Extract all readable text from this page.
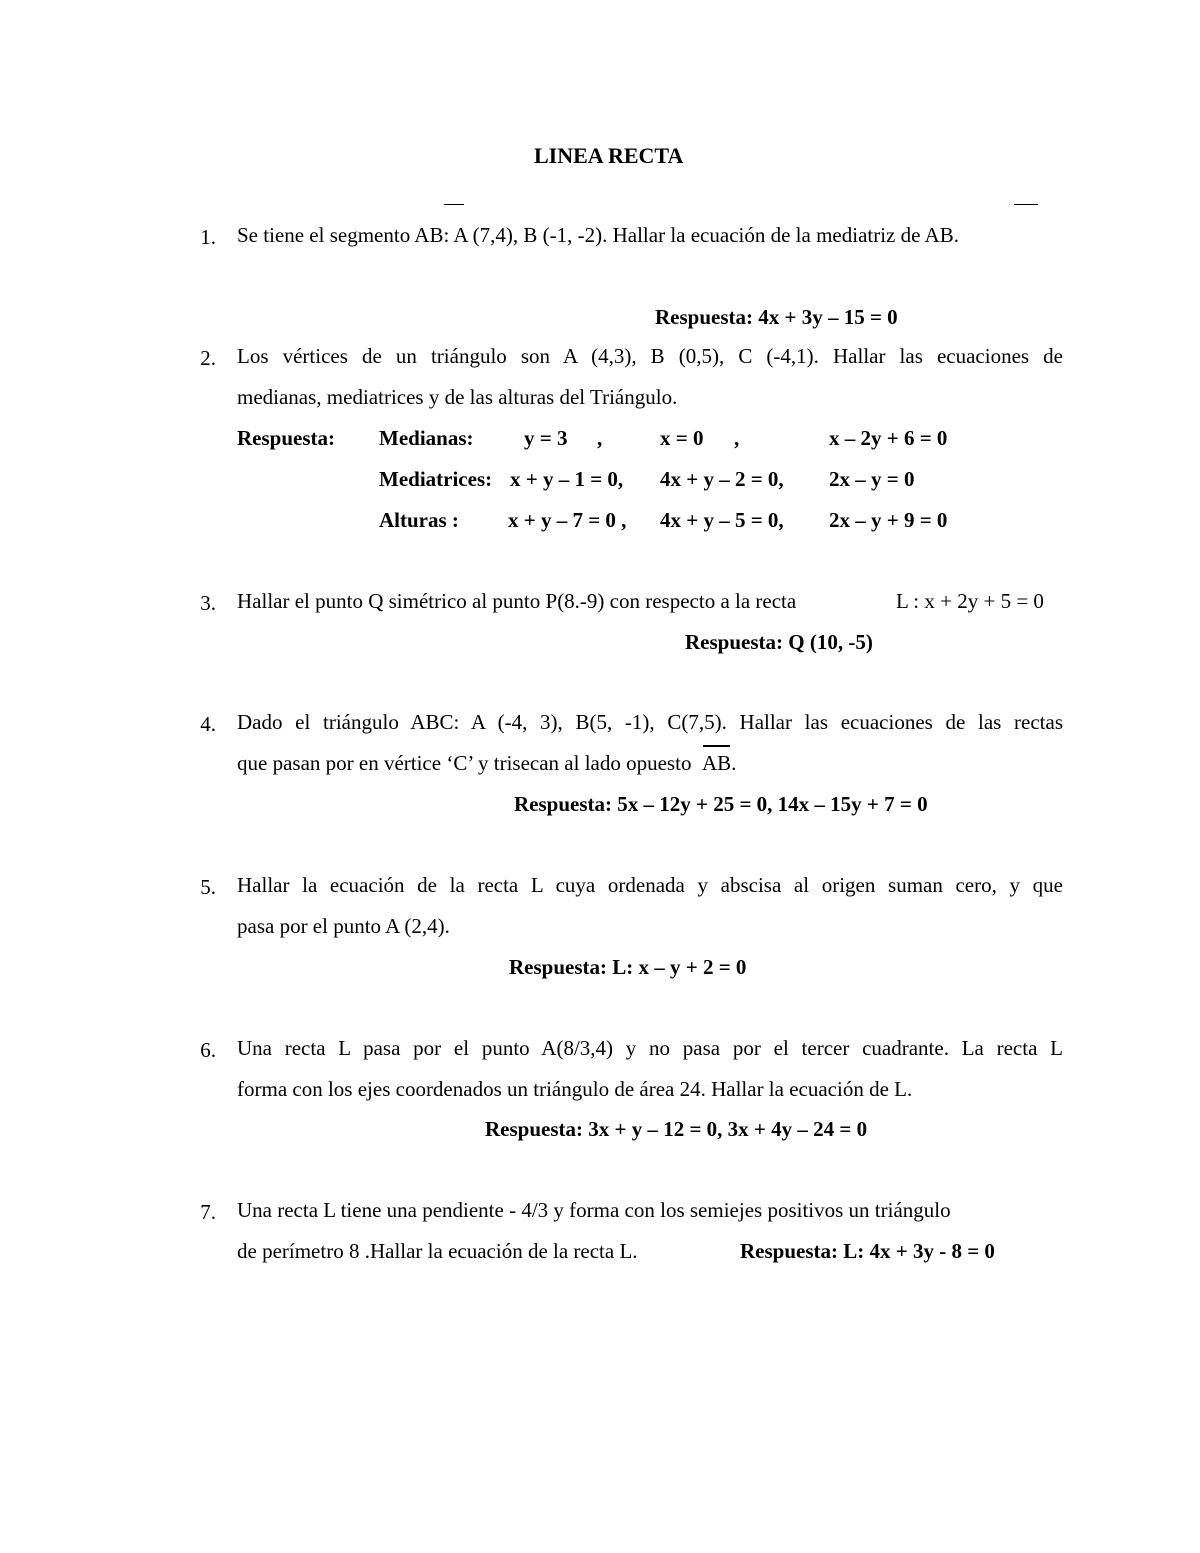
LINEA RECTA
1. Se tiene el segmento AB: A (7,4), B (-1, -2). Hallar la ecuación de la mediatriz de AB.
Respuesta: 4x + 3y – 15 = 0
2. Los vértices de un triángulo son A (4,3), B (0,5), C (-4,1). Hallar las ecuaciones de
medianas, mediatrices y de las alturas del Triángulo.
Respuesta: Medianas: y = 3 ,	x = 0 ,	x – 2y + 6 = 0
Mediatrices: x + y – 1 = 0, 4x + y – 2 = 0, 2x – y = 0
Alturas : x + y – 7 = 0 , 4x + y – 5 = 0, 2x – y + 9 = 0
3. Hallar el punto Q simétrico al punto P(8.-9) con respecto a la recta	L : x + 2y + 5 = 0
Respuesta: Q (10, -5)
4. Dado el triángulo ABC: A (-4, 3), B(5, -1), C(7,5). Hallar las ecuaciones de las rectas
que pasan por en vértice ‘C’ y trisecan al lado opuesto AB.
Respuesta: 5x – 12y + 25 = 0, 14x – 15y + 7 = 0
5. Hallar la ecuación de la recta L cuya ordenada y abscisa al origen suman cero, y que
pasa por el punto A (2,4).
Respuesta: L: x – y + 2 = 0
6. Una recta L pasa por el punto A(8/3,4) y no pasa por el tercer cuadrante. La recta L
forma con los ejes coordenados un triángulo de área 24. Hallar la ecuación de L.
Respuesta: 3x + y – 12 = 0, 3x + 4y – 24 = 0
7. Una recta L tiene una pendiente - 4/3 y forma con los semiejes positivos un triángulo
de perímetro 8 .Hallar la ecuación de la recta L.	Respuesta: L: 4x + 3y - 8 = 0
